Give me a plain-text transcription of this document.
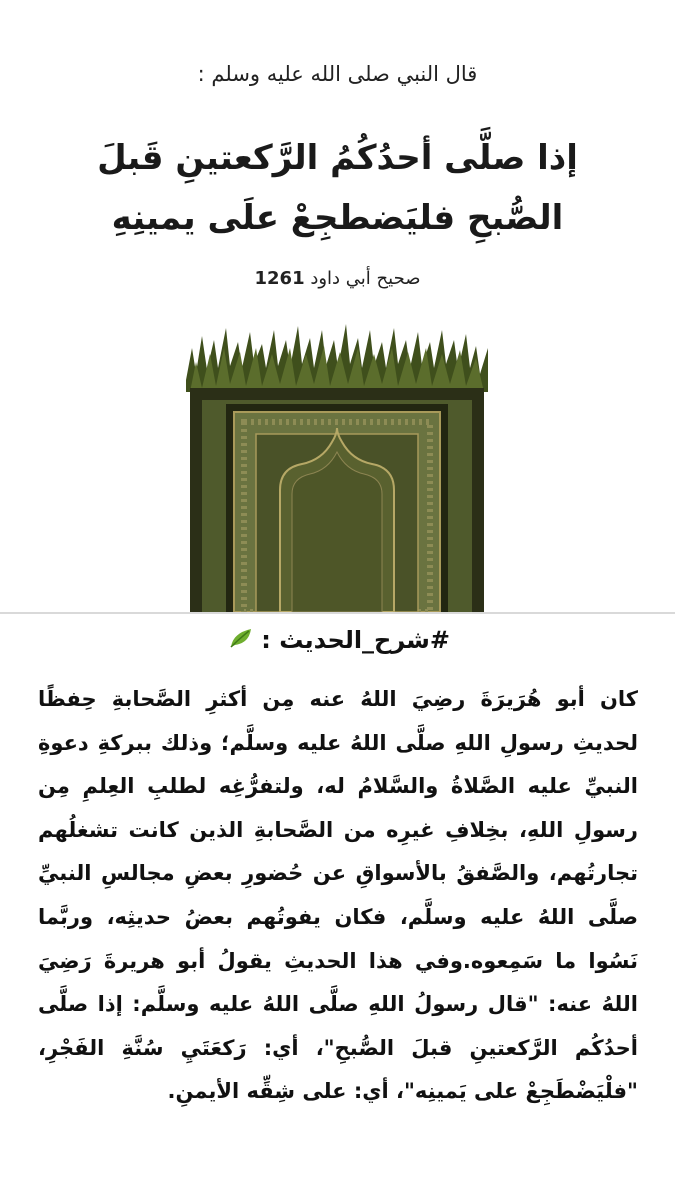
قال النبي صلى الله عليه وسلم :
إذا صلَّى أحدُكُمُ الرَّكعتينِ قَبلَ
الصُّبحِ فليَضطجِعْ علَى يمينِهِ
صحيح أبي داود 1261
#شرح_الحديث :
كان أبو هُرَيرَةَ رضِيَ اللهُ عنه مِن أكثرِ الصَّحابةِ حِفظًا لحديثِ رسولِ اللهِ صلَّى اللهُ عليه وسلَّم؛ وذلك ببركةِ دعوةِ النبيِّ عليه الصَّلاةُ والسَّلامُ له، ولتفرُّغِه لطلبِ العِلمِ مِن رسولِ اللهِ، بخِلافِ غيرِه من الصَّحابةِ الذين كانت تشغلُهم تجارتُهم، والصَّفقُ بالأسواقِ عن حُضورِ بعضِ مجالسِ النبيِّ صلَّى اللهُ عليه وسلَّم، فكان يفوتُهم بعضُ حديثِه، وربَّما نَسُوا ما سَمِعوه.وفي هذا الحديثِ يقولُ أبو هريرةَ رَضِيَ اللهُ عنه: "قال رسولُ اللهِ صلَّى اللهُ عليه وسلَّم: إذا صلَّى أحدُكُم الرَّكعتينِ قبلَ الصُّبحِ"، أي: رَكعَتَيِ سُنَّةِ الفَجْرِ، "فلْيَضْطَجِعْ على يَمينِه"، أي: على شِقِّه الأيمنِ.
